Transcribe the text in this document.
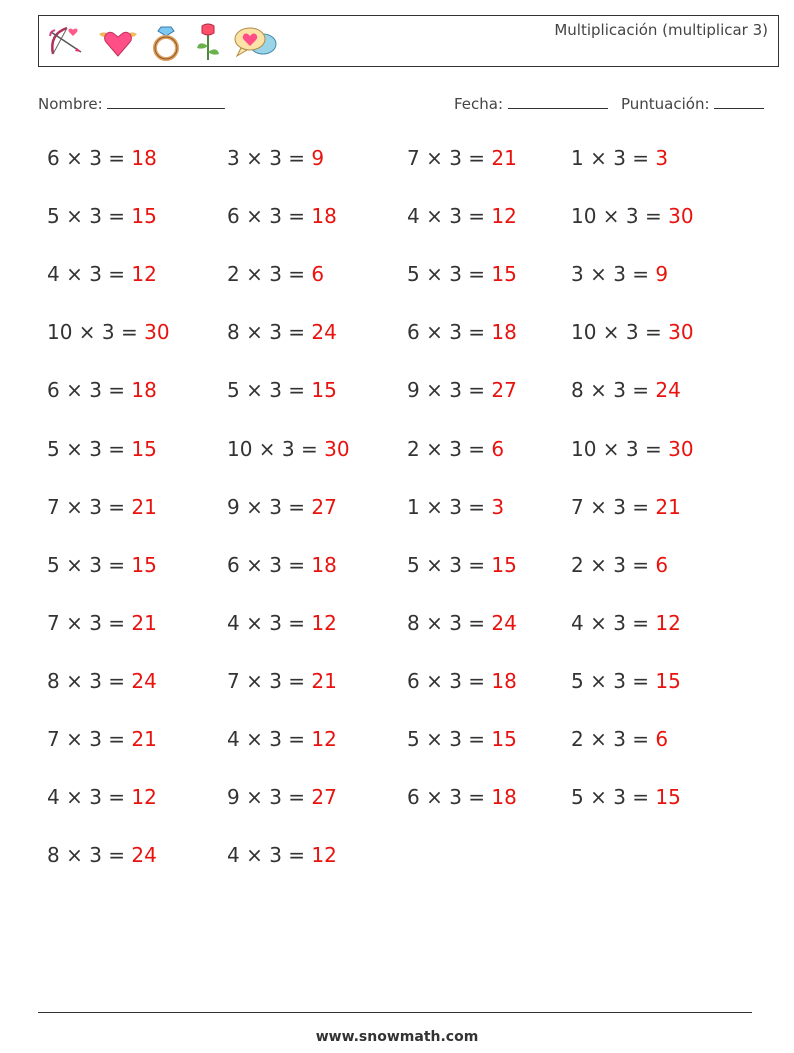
Multiplicación (multiplicar 3)
Nombre:	Fecha:	Puntuación:
6 × 3 = 18	3 × 3 = 9	7 × 3 = 21	1 × 3 = 3
5 × 3 = 15	6 × 3 = 18	4 × 3 = 12	10 × 3 = 30
4 × 3 = 12	2 × 3 = 6	5 × 3 = 15	3 × 3 = 9
10 × 3 = 30	8 × 3 = 24	6 × 3 = 18	10 × 3 = 30
6 × 3 = 18	5 × 3 = 15	9 × 3 = 27	8 × 3 = 24
5 × 3 = 15	10 × 3 = 30	2 × 3 = 6	10 × 3 = 30
7 × 3 = 21	9 × 3 = 27	1 × 3 = 3	7 × 3 = 21
5 × 3 = 15	6 × 3 = 18	5 × 3 = 15	2 × 3 = 6
7 × 3 = 21	4 × 3 = 12	8 × 3 = 24	4 × 3 = 12
8 × 3 = 24	7 × 3 = 21	6 × 3 = 18	5 × 3 = 15
7 × 3 = 21	4 × 3 = 12	5 × 3 = 15	2 × 3 = 6
4 × 3 = 12	9 × 3 = 27	6 × 3 = 18	5 × 3 = 15
8 × 3 = 24	4 × 3 = 12
www.snowmath.com
